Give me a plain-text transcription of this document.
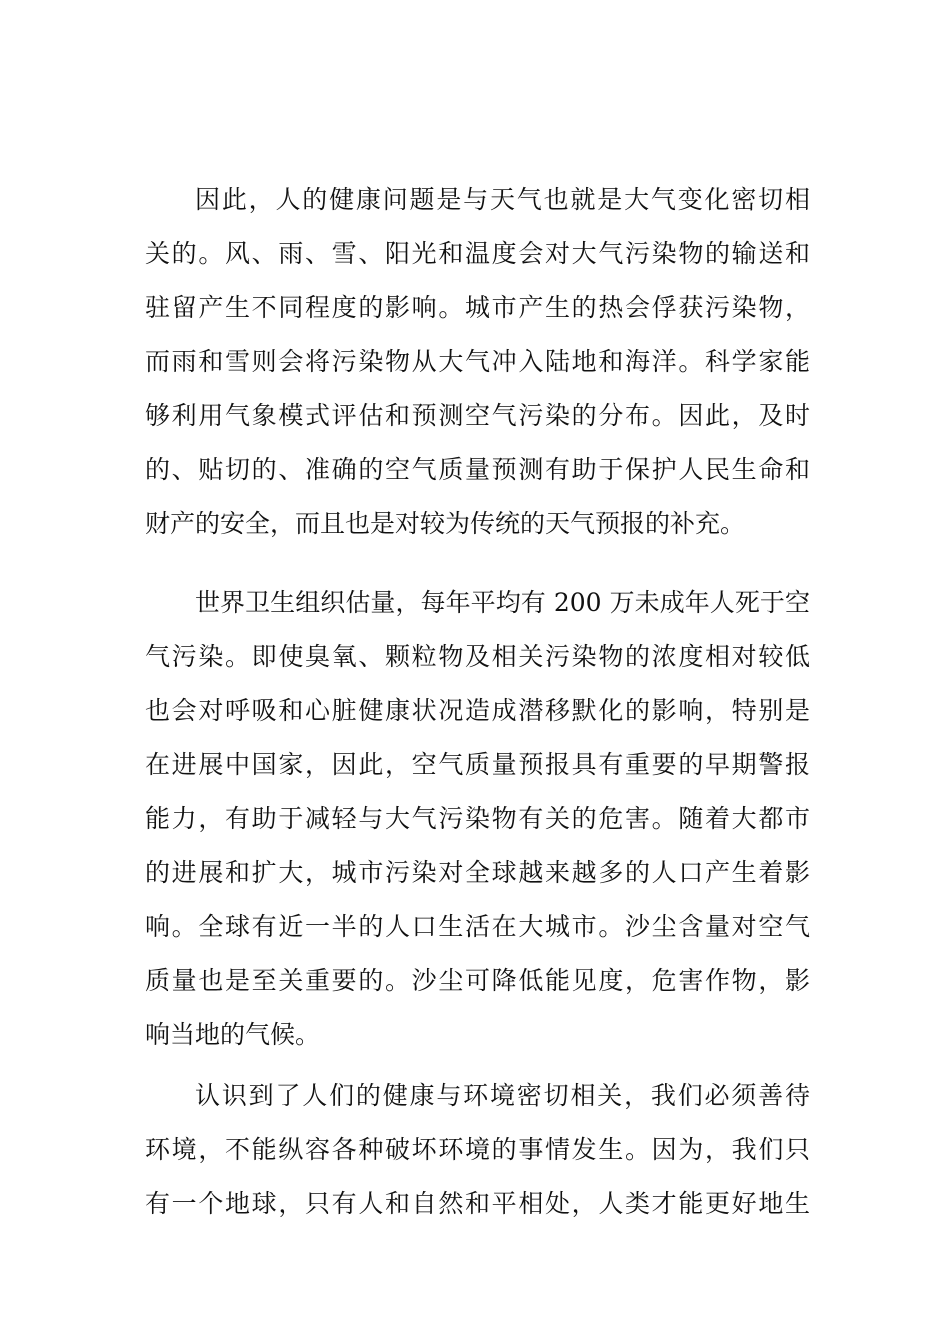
因此，人的健康问题是与天气也就是大气变化密切相
关的。风、雨、雪、阳光和温度会对大气污染物的输送和
驻留产生不同程度的影响。城市产生的热会俘获污染物，
而雨和雪则会将污染物从大气冲入陆地和海洋。科学家能
够利用气象模式评估和预测空气污染的分布。因此，及时
的、贴切的、准确的空气质量预测有助于保护人民生命和
财产的安全，而且也是对较为传统的天气预报的补充。
世界卫生组织估量，每年平均有 200 万未成年人死于空
气污染。即使臭氧、颗粒物及相关污染物的浓度相对较低
也会对呼吸和心脏健康状况造成潜移默化的影响，特别是
在进展中国家，因此，空气质量预报具有重要的早期警报
能力，有助于减轻与大气污染物有关的危害。随着大都市
的进展和扩大，城市污染对全球越来越多的人口产生着影
响。全球有近一半的人口生活在大城市。沙尘含量对空气
质量也是至关重要的。沙尘可降低能见度，危害作物，影
响当地的气候。
认识到了人们的健康与环境密切相关，我们必须善待
环境，不能纵容各种破坏环境的事情发生。因为，我们只
有一个地球，只有人和自然和平相处，人类才能更好地生
